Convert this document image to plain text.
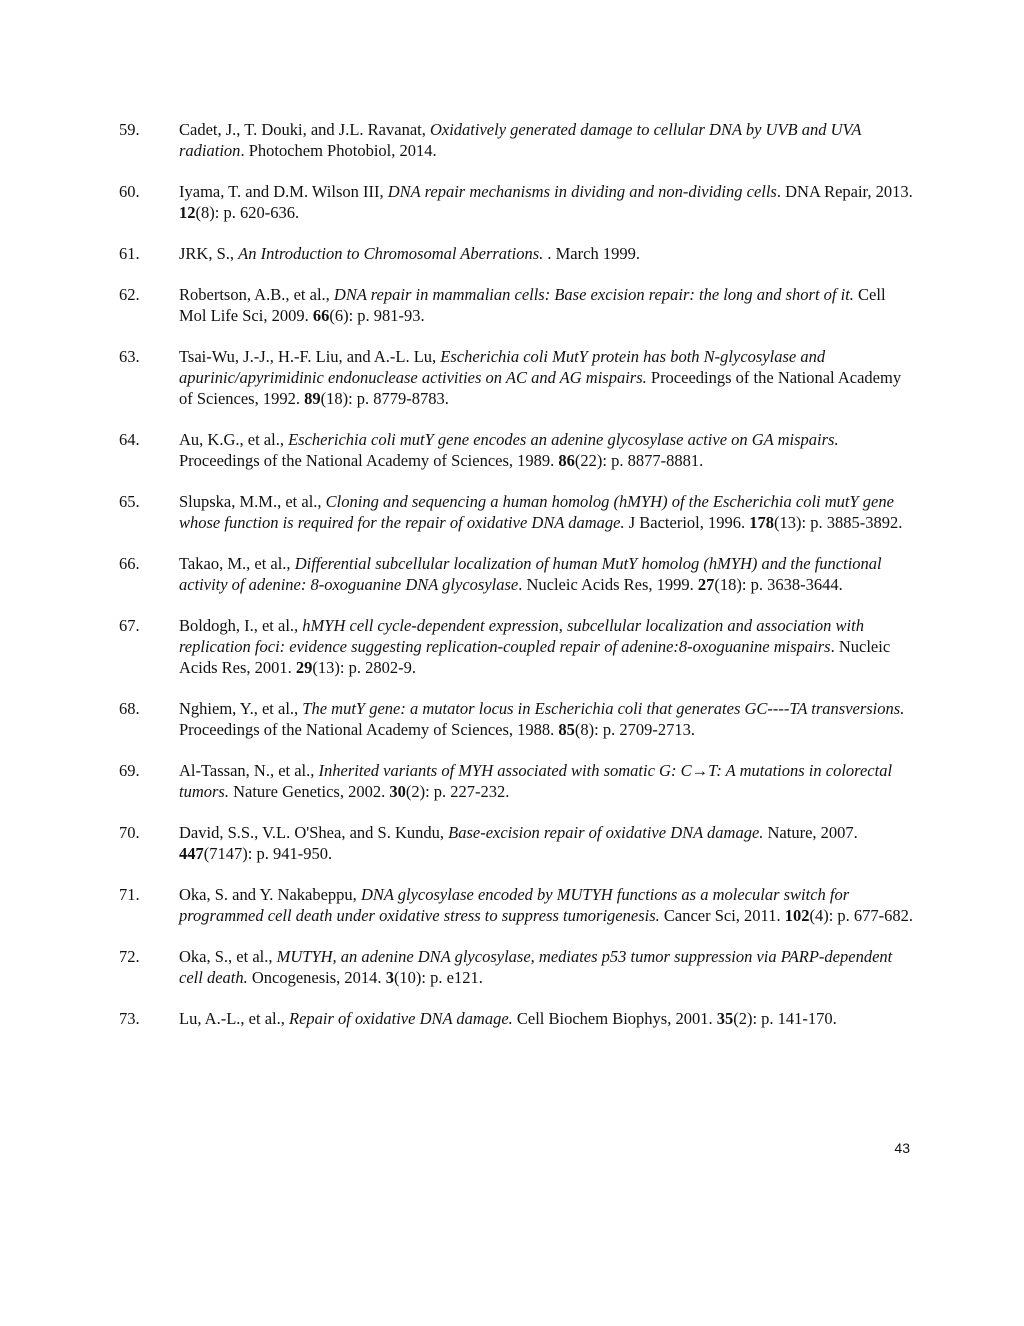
59.	Cadet, J., T. Douki, and J.L. Ravanat, Oxidatively generated damage to cellular DNA by UVB and UVA radiation. Photochem Photobiol, 2014.
60.	Iyama, T. and D.M. Wilson III, DNA repair mechanisms in dividing and non-dividing cells. DNA Repair, 2013. 12(8): p. 620-636.
61.	JRK, S., An Introduction to Chromosomal Aberrations. . March 1999.
62.	Robertson, A.B., et al., DNA repair in mammalian cells: Base excision repair: the long and short of it. Cell Mol Life Sci, 2009. 66(6): p. 981-93.
63.	Tsai-Wu, J.-J., H.-F. Liu, and A.-L. Lu, Escherichia coli MutY protein has both N-glycosylase and apurinic/apyrimidinic endonuclease activities on AC and AG mispairs. Proceedings of the National Academy of Sciences, 1992. 89(18): p. 8779-8783.
64.	Au, K.G., et al., Escherichia coli mutY gene encodes an adenine glycosylase active on GA mispairs. Proceedings of the National Academy of Sciences, 1989. 86(22): p. 8877-8881.
65.	Slupska, M.M., et al., Cloning and sequencing a human homolog (hMYH) of the Escherichia coli mutY gene whose function is required for the repair of oxidative DNA damage. J Bacteriol, 1996. 178(13): p. 3885-3892.
66.	Takao, M., et al., Differential subcellular localization of human MutY homolog (hMYH) and the functional activity of adenine: 8-oxoguanine DNA glycosylase. Nucleic Acids Res, 1999. 27(18): p. 3638-3644.
67.	Boldogh, I., et al., hMYH cell cycle-dependent expression, subcellular localization and association with replication foci: evidence suggesting replication-coupled repair of adenine:8-oxoguanine mispairs. Nucleic Acids Res, 2001. 29(13): p. 2802-9.
68.	Nghiem, Y., et al., The mutY gene: a mutator locus in Escherichia coli that generates GC----TA transversions. Proceedings of the National Academy of Sciences, 1988. 85(8): p. 2709-2713.
69.	Al-Tassan, N., et al., Inherited variants of MYH associated with somatic G: C→T: A mutations in colorectal tumors. Nature Genetics, 2002. 30(2): p. 227-232.
70.	David, S.S., V.L. O'Shea, and S. Kundu, Base-excision repair of oxidative DNA damage. Nature, 2007. 447(7147): p. 941-950.
71.	Oka, S. and Y. Nakabeppu, DNA glycosylase encoded by MUTYH functions as a molecular switch for programmed cell death under oxidative stress to suppress tumorigenesis. Cancer Sci, 2011. 102(4): p. 677-682.
72.	Oka, S., et al., MUTYH, an adenine DNA glycosylase, mediates p53 tumor suppression via PARP-dependent cell death. Oncogenesis, 2014. 3(10): p. e121.
73.	Lu, A.-L., et al., Repair of oxidative DNA damage. Cell Biochem Biophys, 2001. 35(2): p. 141-170.
43
